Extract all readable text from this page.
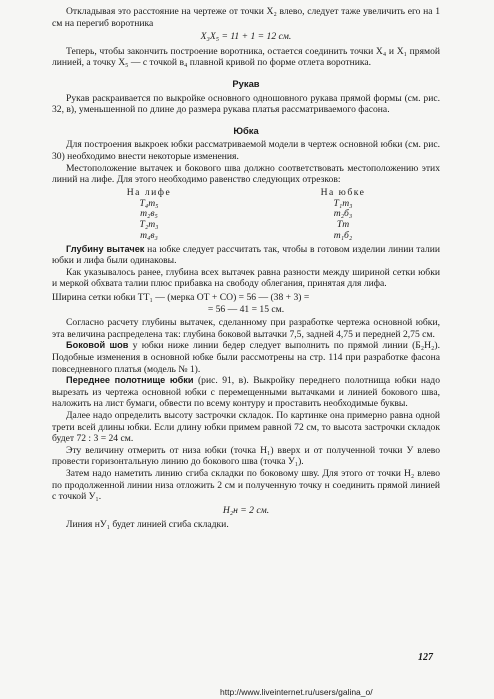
Откладывая это расстояние на чертеже от точки X₂ влево, следует таже увеличить его на 1 см на перегиб воротника

X₃X₅ = 11 + 1 = 12 см.

Теперь, чтобы закончить построение воротника, остается соединить точки X₄ и X₁ прямой линией, а точку X₅ — с точкой в₄ плавной кривой по форме отлета воротника.

Рукав

Рукав раскраивается по выкройке основного одношовного рукава прямой формы (см. рис. 32, в), уменьшенной по длине до размера рукава платья рассматриваемого фасона.

Юбка

Для построения выкроек юбки рассматриваемой модели в чертеж основной юбки (см. рис. 30) необходимо внести некоторые изменения.

Местоположение вытачек и бокового шва должно соответствовать местоположению этих линий на лифе. Для этого необходимо равенство следующих отрезков:

На лифе
Т₄т₅
т₂в₅
Т₂т₃
т₄в₃
На юбке
Т₁т₃
т₂б₃
Тт
т₁б₂

Глубину вытачек на юбке следует рассчитать так, чтобы в готовом изделии линии талии юбки и лифа были одинаковы.

Как указывалось ранее, глубина всех вытачек равна разности между шириной сетки юбки и меркой обхвата талии плюс прибавка на свободу облегания, принятая для лифа.

Ширина сетки юбки ТТ₁ — (мерка ОТ + СО) = 56 — (38 + 3) =

= 56 — 41 = 15 см.

Согласно расчету глубины вытачек, сделанному при разработке чертежа основной юбки, эта величина распределена так: глубина боковой вытачки 7,5, задней 4,75 и передней 2,75 см.

Боковой шов у юбки ниже линии бедер следует выполнить по прямой линии (Б₂Н₂). Подобные изменения в основной юбке были рассмотрены на стр. 114 при разработке фасона повседневного платья (модель № 1).

Переднее полотнище юбки (рис. 91, в). Выкройку переднего полотнища юбки надо вырезать из чертежа основной юбки с перемещенными вытачками и линией бокового шва, наложить на лист бумаги, обвести по всему контуру и проставить необходимые буквы.

Далее надо определить высоту застрочки складок. По картинке она примерно равна одной трети всей длины юбки. Если длину юбки примем равной 72 см, то высота застрочки складок будет 72 : 3 = 24 см.

Эту величину отмерить от низа юбки (точка Н₁) вверх и от полученной точки У влево провести горизонтальную линию до бокового шва (точка У₁).

Затем надо наметить линию сгиба складки по боковому шву. Для этого от точки Н₂ влево по продолженной линии низа отложить 2 см и полученную точку н соединить прямой линией с точкой У₁.

Н₂н = 2 см.

Линия нУ₁ будет линией сгиба складки.

127
http://www.liveinternet.ru/users/galina_o/
